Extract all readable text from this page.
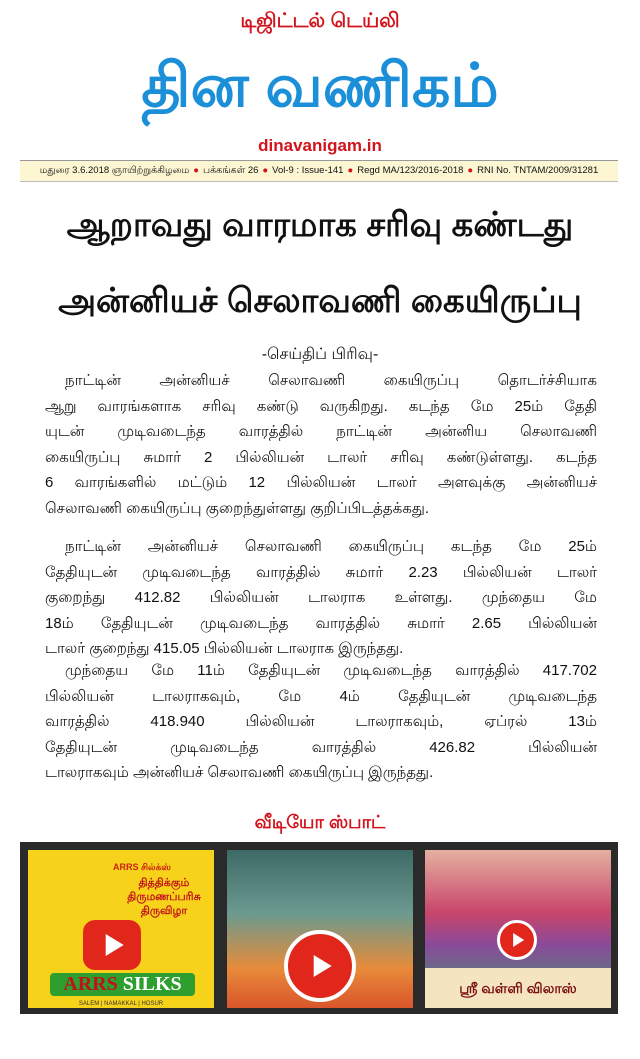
டிஜிட்டல் டெய்லி
தின வணிகம்
dinavanigam.in
மதுரை 3.6.2018 ஞாயிற்றுக்கிழமை ● பக்கங்கள் 26 ● Vol-9 : Issue-141 ● Regd MA/123/2016-2018 ● RNI No. TNTAM/2009/31281
ஆறாவது வாரமாக சரிவு கண்டது
அன்னியச் செலாவணி கையிருப்பு
-செய்திப் பிரிவு-
நாட்டின் அன்னியச் செலாவணி கையிருப்பு தொடர்ச்சியாக
ஆறு வாரங்களாக சரிவு கண்டு வருகிறது. கடந்த மே 25ம் தேதி
யுடன் முடிவடைந்த வாரத்தில் நாட்டின் அன்னிய செலாவணி
கையிருப்பு சுமார் 2 பில்லியன் டாலர் சரிவு கண்டுள்ளது. கடந்த
6 வாரங்களில் மட்டும் 12 பில்லியன் டாலர் அளவுக்கு அன்னியச்
செலாவணி கையிருப்பு குறைந்துள்ளது குறிப்பிடத்தக்கது.
நாட்டின் அன்னியச் செலாவணி கையிருப்பு கடந்த மே 25ம்
தேதியுடன் முடிவடைந்த வாரத்தில் சுமார் 2.23 பில்லியன் டாலர்
குறைந்து 412.82 பில்லியன் டாலராக உள்ளது. முந்தைய மே
18ம் தேதியுடன் முடிவடைந்த வாரத்தில் சுமார் 2.65 பில்லியன்
டாலர் குறைந்து 415.05 பில்லியன் டாலராக இருந்தது.
முந்தைய மே 11ம் தேதியுடன் முடிவடைந்த வாரத்தில் 417.702
பில்லியன் டாலராகவும், மே 4ம் தேதியுடன் முடிவடைந்த
வாரத்தில் 418.940 பில்லியன் டாலராகவும், ஏப்ரல் 13ம்
தேதியுடன் முடிவடைந்த வாரத்தில் 426.82 பில்லியன்
டாலராகவும் அன்னியச் செலாவணி கையிருப்பு இருந்தது.
வீடியோ ஸ்பாட்
ARRS சில்க்ஸ்
தித்திக்கும் திருமணப்பரிசு திருவிழா
ARRS SILKS
SALEM | NAMAKKAL | HOSUR
ஸ்ரீ வள்ளி விலாஸ்
